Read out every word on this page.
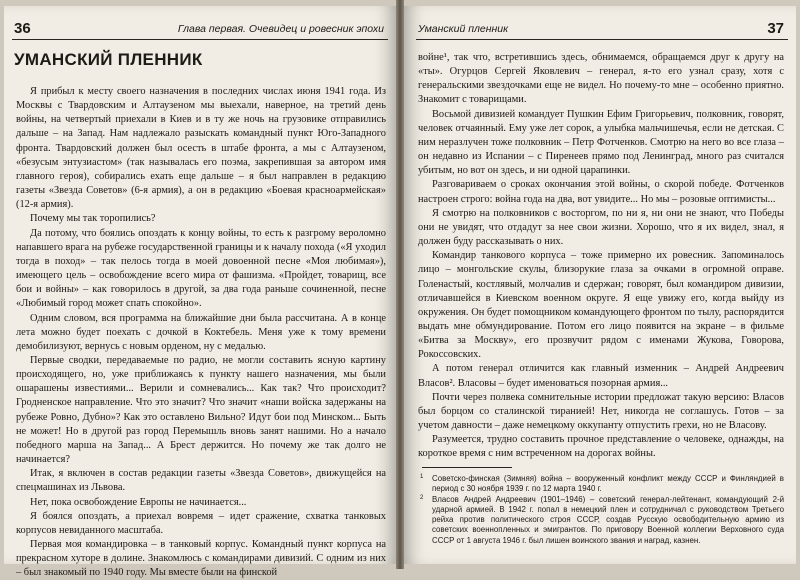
36	Глава первая. Очевидец и ровесник эпохи
УМАНСКИЙ ПЛЕННИК

Я прибыл к месту своего назначения в последних числах июня 1941 года. Из Москвы с Твардовским и Алтаузеном мы выехали, наверное, на третий день войны, на четвертый приехали в Киев и в ту же ночь на грузовике отправились дальше – на Запад. Нам надлежало разыскать командный пункт Юго-Западного фронта. Твардовский должен был осесть в штабе фронта, а мы с Алтаузеном, «безусым энтузиастом» (так называлась его поэма, закрепившая за автором имя главного героя), собирались ехать еще дальше – я был направлен в редакцию газеты «Звезда Советов» (6-я армия), а он в редакцию «Боевая красноармейская» (12-я армия).

Почему мы так торопились?

Да потому, что боялись опоздать к концу войны, то есть к разгрому вероломно напавшего врага на рубеже государственной границы и к началу похода («Я уходил тогда в поход» – так пелось тогда в моей довоенной песне «Моя любимая»), имеющего цель – освобождение всего мира от фашизма. «Пройдет, товарищ, все бои и войны» – как говорилось в другой, за два года раньше сочиненной, песне «Любимый город может спать спокойно».

Одним словом, вся программа на ближайшие дни была рассчитана. А в конце лета можно будет поехать с дочкой в Коктебель. Меня уже к тому времени демобилизуют, вернусь с новым орденом, ну с медалью.

Первые сводки, передаваемые по радио, не могли составить ясную картину происходящего, но, уже приближаясь к пункту нашего назначения, мы были ошарашены известиями... Верили и сомневались... Как так? Что происходит? Гродненское направление. Что это значит? Что значит «наши войска задержаны на рубеже Ровно, Дубно»? Как это оставлено Вильно? Идут бои под Минском... Быть не может! Но в другой раз город Перемышль вновь занят нашими. Но а начало победного марша на Запад... А Брест держится. Но почему же так долго не начинается?

Итак, я включен в состав редакции газеты «Звезда Советов», движущейся на спецмашинах из Львова.

Нет, пока освобождение Европы не начинается...

Я боялся опоздать, а приехал вовремя – идет сражение, схватка танковых корпусов невиданного масштаба.

Первая моя командировка – в танковый корпус. Командный пункт корпуса на прекрасном хуторе в долине. Знакомлюсь с командирами дивизий. С одним из них – был знакомый по 1940 году. Мы вместе были на финской

Уманский пленник	37

войне¹, так что, встретившись здесь, обнимаемся, обращаемся друг к другу на «ты». Огурцов Сергей Яковлевич – генерал, я-то его узнал сразу, хотя с генеральскими звездочками еще не видел. Но почему-то мне – особенно приятно. Знакомит с товарищами.

Восьмой дивизией командует Пушкин Ефим Григорьевич, полковник, говорят, человек отчаянный. Ему уже лет сорок, а улыбка мальчишечья, если не детская. С ним неразлучен тоже полковник – Петр Фотченков. Смотрю на него во все глаза – он недавно из Испании – с Пиренеев прямо под Ленинград, много раз считался убитым, но вот он здесь, и ни одной царапинки.

Разговариваем о сроках окончания этой войны, о скорой победе. Фотченков настроен строго: война года на два, вот увидите... Но мы – розовые оптимисты...

Я смотрю на полковников с восторгом, по ни я, ни они не знают, что Победы они не увидят, что отдадут за нее свои жизни. Хорошо, что я их видел, знал, я должен буду рассказывать о них.

Командир танкового корпуса – тоже примерно их ровесник. Запоминалось лицо – монгольские скулы, близорукие глаза за очками в огромной оправе. Голенастый, костлявый, молчалив и сдержан; говорят, был командиром дивизии, отличавшейся в Киевском военном округе. Я еще увижу его, когда выйду из окружения. Он будет помощником командующего фронтом по тылу, распорядится выдать мне обмундирование. Потом его лицо появится на экране – в фильме «Битва за Москву», его прозвучит рядом с именами Жукова, Говорова, Рокоссовских.

А потом генерал отличится как главный изменник – Андрей Андреевич Власов². Власовы – будет именоваться позорная армия...

Почти через полвека сомнительные истории предложат такую версию: Власов был борцом со сталинской тиранией! Нет, никогда не соглашусь. Готов – за учетом давности – даже немецкому оккупанту отпустить грехи, но не Власову.

Разумеется, трудно составить прочное представление о человеке, однажды, на короткое время с ним встреченном на дорогах войны.

1 Советско-финская (Зимняя) война – вооруженный конфликт между СССР и Финляндией в период с 30 ноября 1939 г. по 12 марта 1940 г.
2 Власов Андрей Андреевич (1901–1946) – советский генерал-лейтенант, командующий 2-й ударной армией. В 1942 г. попал в немецкий плен и сотрудничал с руководством Третьего рейха против политического строя СССР, создав Русскую освободительную армию из советских военнопленных и эмигрантов. По приговору Военной коллегии Верховного суда СССР от 1 августа 1946 г. был лишен воинского звания и наград, казнен.
